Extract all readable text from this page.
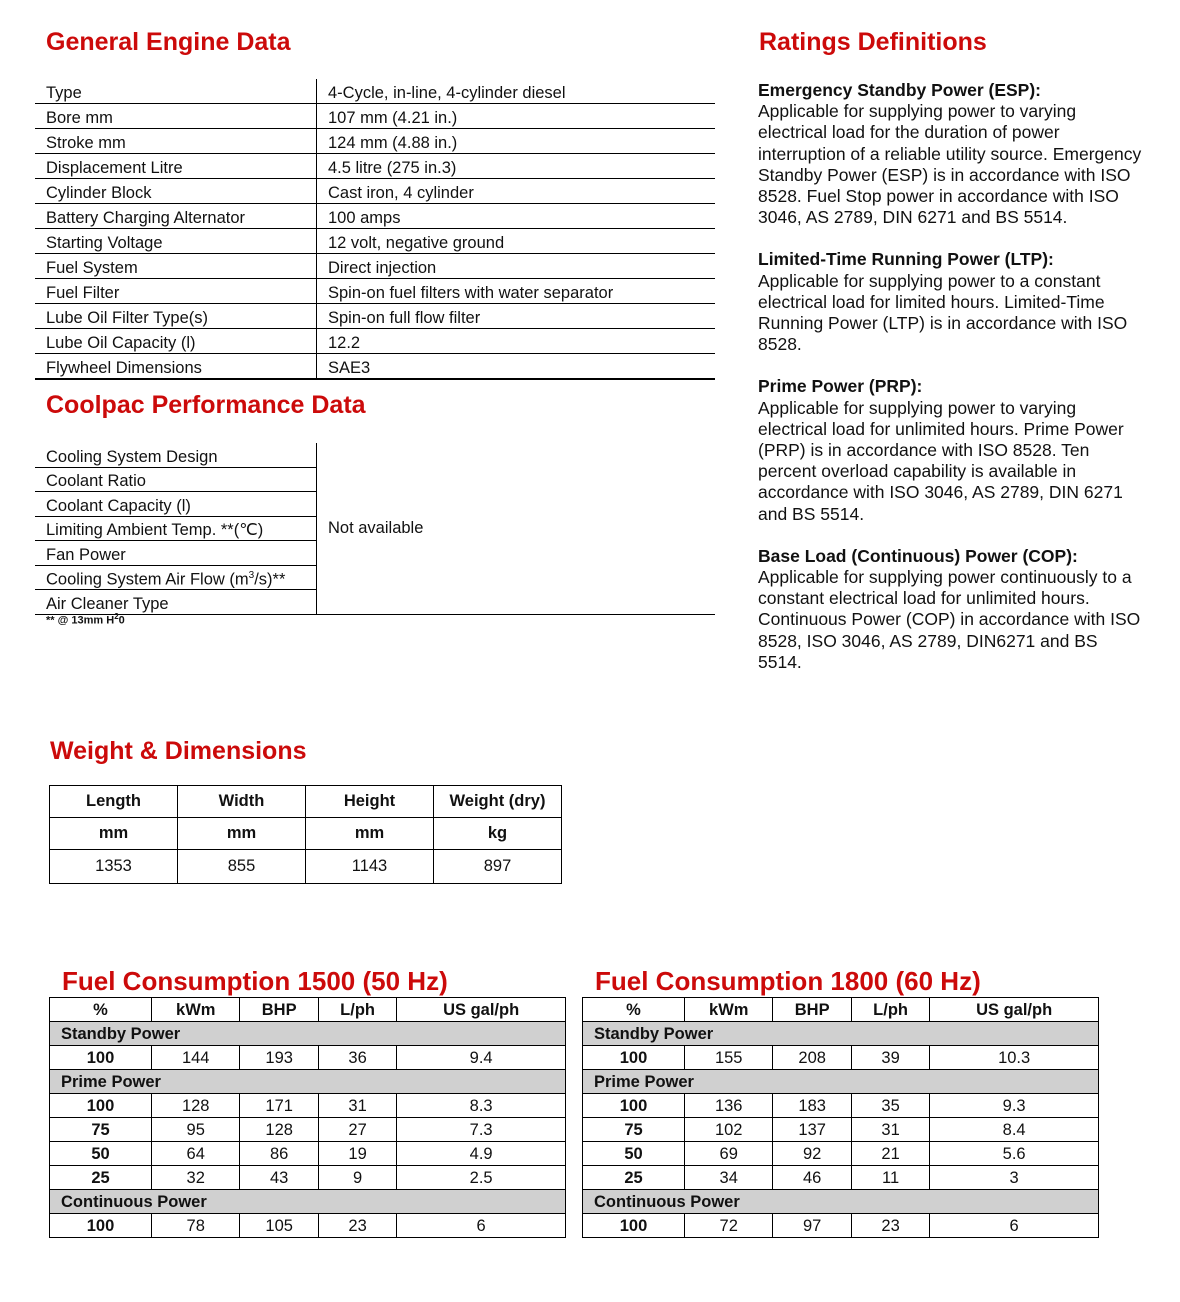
General Engine Data
Type	4-Cycle, in-line, 4-cylinder diesel
Bore mm	107 mm (4.21 in.)
Stroke mm	124 mm (4.88 in.)
Displacement Litre	4.5 litre (275 in.3)
Cylinder Block	Cast iron, 4 cylinder
Battery Charging Alternator	100 amps
Starting Voltage	12 volt, negative ground
Fuel System	Direct injection
Fuel Filter	Spin-on fuel filters with water separator
Lube Oil Filter Type(s)	Spin-on full flow filter
Lube Oil Capacity (l)	12.2
Flywheel Dimensions	SAE3
Coolpac Performance Data
Cooling System Design	Not available
Coolant Ratio
Coolant Capacity (l)
Limiting Ambient Temp. **(℃)
Fan Power
Cooling System Air Flow $(m^3/s)**$
Air Cleaner Type
** @ 13mm $H^20$
Ratings Definitions
Emergency Standby Power (ESP):
Applicable for supplying power to varying electrical load for the duration of power interruption of a reliable utility source. Emergency Standby Power (ESP) is in accordance with ISO 8528. Fuel Stop power in accordance with ISO 3046, AS 2789, DIN 6271 and BS 5514.
Limited-Time Running Power (LTP):
Applicable for supplying power to a constant electrical load for limited hours. Limited-Time Running Power (LTP) is in accordance with ISO 8528.
Prime Power (PRP):
Applicable for supplying power to varying electrical load for unlimited hours. Prime Power (PRP) is in accordance with ISO 8528. Ten percent overload capability is available in accordance with ISO 3046, AS 2789, DIN 6271 and BS 5514.
Base Load (Continuous) Power (COP):
Applicable for supplying power continuously to a constant electrical load for unlimited hours. Continuous Power (COP) in accordance with ISO 8528, ISO 3046, AS 2789, DIN6271 and BS 5514.
Weight & Dimensions
Length	Width	Height	Weight (dry)
mm	mm	mm	kg
1353	855	1143	897
Fuel Consumption 1500 (50 Hz)
%	kWm	BHP	L/ph	US gal/ph
Standby Power				
100	144	193	36	9.4
Prime Power				
100	128	171	31	8.3
75	95	128	27	7.3
50	64	86	19	4.9
25	32	43	9	2.5
Continuous Power				
100	78	105	23	6
Fuel Consumption 1800 (60 Hz)
%	kWm	BHP	L/ph	US gal/ph
Standby Power				
100	155	208	39	10.3
Prime Power				
100	136	183	35	9.3
75	102	137	31	8.4
50	69	92	21	5.6
25	34	46	11	3
Continuous Power				
100	72	97	23	6
